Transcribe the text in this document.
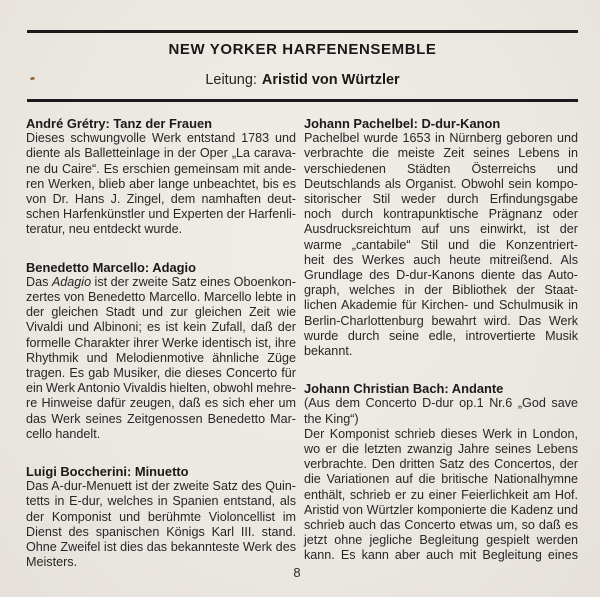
NEW YORKER HARFENENSEMBLE
Leitung: Aristid von Würtzler
André Grétry: Tanz der Frauen
Dieses schwungvolle Werk entstand 1783 und
diente als Balletteinlage in der Oper „La carava-
ne du Caire“. Es erschien gemeinsam mit ande-
ren Werken, blieb aber lange unbeachtet, bis es
von Dr. Hans J. Zingel, dem namhaften deut-
schen Harfenkünstler und Experten der Harfenli-
teratur, neu entdeckt wurde.
Benedetto Marcello: Adagio
Das Adagio ist der zweite Satz eines Oboenkon-
zertes von Benedetto Marcello. Marcello lebte in
der gleichen Stadt und zur gleichen Zeit wie
Vivaldi und Albinoni; es ist kein Zufall, daß der
formelle Charakter ihrer Werke identisch ist, ihre
Rhythmik und Melodienmotive ähnliche Züge
tragen. Es gab Musiker, die dieses Concerto für
ein Werk Antonio Vivaldis hielten, obwohl mehre-
re Hinweise dafür zeugen, daß es sich eher um
das Werk seines Zeitgenossen Benedetto Mar-
cello handelt.
Luigi Boccherini: Minuetto
Das A-dur-Menuett ist der zweite Satz des Quin-
tetts in E-dur, welches in Spanien entstand, als
der Komponist und berühmte Violoncellist im
Dienst des spanischen Königs Karl III. stand.
Ohne Zweifel ist dies das bekannteste Werk des
Meisters.
Johann Pachelbel: D-dur-Kanon
Pachelbel wurde 1653 in Nürnberg geboren und
verbrachte die meiste Zeit seines Lebens in
verschiedenen Städten Österreichs und
Deutschlands als Organist. Obwohl sein kompo-
sitorischer Stil weder durch Erfindungsgabe
noch durch kontrapunktische Prägnanz oder
Ausdrucksreichtum auf uns einwirkt, ist der
warme „cantabile“ Stil und die Konzentriert-
heit des Werkes auch heute mitreißend. Als
Grundlage des D-dur-Kanons diente das Auto-
graph, welches in der Bibliothek der Staat-
lichen Akademie für Kirchen- und Schulmusik in
Berlin-Charlottenburg bewahrt wird. Das Werk
wurde durch seine edle, introvertierte Musik
bekannt.
Johann Christian Bach: Andante
(Aus dem Concerto D-dur op.1 Nr.6 „God save
the King“)
Der Komponist schrieb dieses Werk in London,
wo er die letzten zwanzig Jahre seines Lebens
verbrachte. Den dritten Satz des Concertos, der
die Variationen auf die britische Nationalhymne
enthält, schrieb er zu einer Feierlichkeit am Hof.
Aristid von Würtzler komponierte die Kadenz und
schrieb auch das Concerto etwas um, so daß es
jetzt ohne jegliche Begleitung gespielt werden
kann. Es kann aber auch mit Begleitung eines
8
